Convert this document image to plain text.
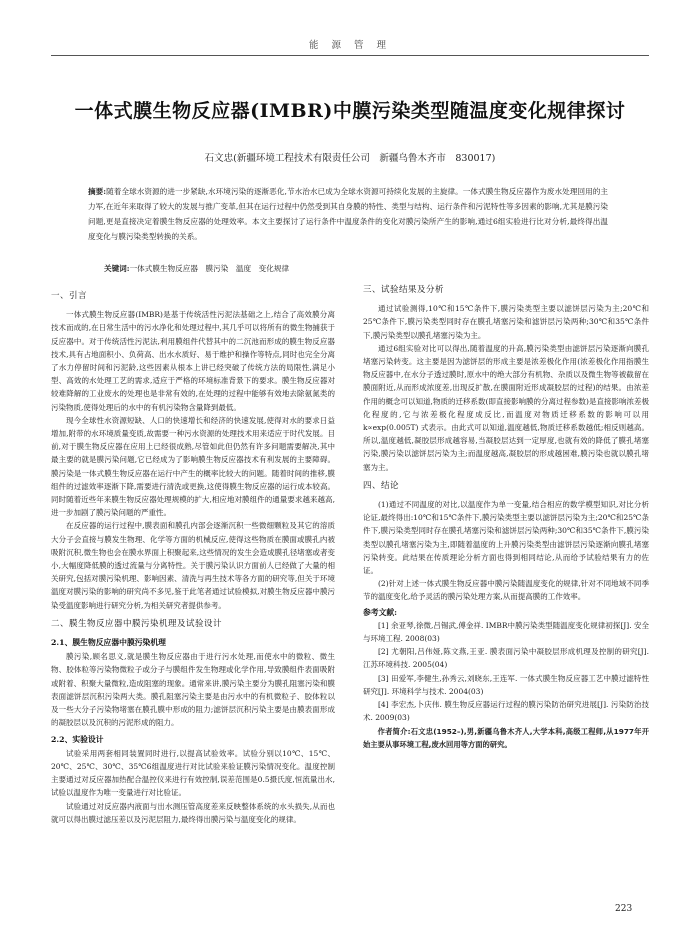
能 源 管 理
一体式膜生物反应器(IMBR)中膜污染类型随温度变化规律探讨
石文忠(新疆环境工程技术有限责任公司　新疆乌鲁木齐市　830017)
摘要:随着全球水资源的进一步紧缺,水环境污染的逐渐恶化,节水治水已成为全球水资源可持续化发展的主旋律。一体式膜生物反应器作为废水处理回用的主力军,在近年来取得了较大的发展与推广变革,但其在运行过程中仍然受到其自身膜的特性、类型与结构、运行条件和污泥特性等多因素的影响,尤其是膜污染问题,更是直接决定着膜生物反应器的处理效率。本文主要探讨了运行条件中温度条件的变化对膜污染所产生的影响,通过6组实验进行比对分析,最终得出温度变化与膜污染类型转换的关系。
关键词:一体式膜生物反应器　膜污染　温度　变化规律
一、引言

一体式膜生物反应器(IMBR)是基于传统活性污泥法基础之上,结合了高效膜分离技术而成的,在日常生活中的污水净化和处理过程中,其几乎可以将所有的微生物捕获于反应器中。对于传统活性污泥法,利用膜组件代替其中的二沉池而形成的膜生物反应器技术,具有占地面积小、负荷高、出水水质好、易于维护和操作等特点,同时也完全分离了水力停留时间和污泥龄,这些因素从根本上讲已经突破了传统方法的局限性,满足小型、高效的水处理工艺的需求,适应于严格的环境标准背景下的要求。膜生物反应器对较难降解的工业废水的处理也是非常有效的,在处理的过程中能够有效地去除氨氮类的污染物质,使得处理后的水中的有机污染物含量降到最低。

现今全球性水资源短缺、人口的快速增长和经济的快速发展,使得对水的要求日益增加,附带的水环境质量变质,故需要一种污水资源的处理技术用来适应于时代发展。目前,对于膜生物反应器在应用上已经很成熟,尽管如此但仍然有许多问题需要解决,其中最主要的就是膜污染问题,它已经成为了影响膜生物反应器技术有利发展的主要障碍。膜污染是一体式膜生物反应器在运行中产生的概率比较大的问题。随着时间的推移,膜组件的过滤效率逐渐下降,需要进行清洗或更换,这使得膜生物反应器的运行成本较高。同时随着近些年来膜生物反应器处理规模的扩大,相应地对膜组件的通量要求越来越高,进一步加剧了膜污染问题的严重性。

在反应器的运行过程中,膜表面和膜孔内部会逐渐沉积一些微细颗粒及其它的溶质大分子会直接与膜发生物理、化学等方面的机械反应,使得这些物质在膜面或膜孔内被吸附沉积,微生物也会在膜水界面上积聚起来,这些情况的发生会造成膜孔径堵塞或者变小,大幅度降低膜的透过流量与分离特性。关于膜污染认识方面前人已经做了大量的相关研究,包括对膜污染机理、影响因素、清洗与再生技术等各方面的研究等,但关于环境温度对膜污染的影响的研究尚不多见,鉴于此笔者通过试验模拟,对膜生物反应器中膜污染受温度影响进行研究分析,为相关研究者提供参考。

二、膜生物反应器中膜污染机理及试验设计
2.1、膜生物反应器中膜污染机理

膜污染,顾名思义,就是膜生物反应器由于进行污水处理,而使水中的微粒、微生物、胶体粒等污染物微粒子或分子与膜组件发生物理或化学作用,导致膜组件表面吸附或附着、积聚大量微粒,造成阻塞的现象。通常来讲,膜污染主要分为膜孔阻塞污染和膜表面滤饼层沉积污染两大类。膜孔阻塞污染主要是由污水中的有机微粒子、胶体粒以及一些大分子污染物堵塞在膜孔膜中形成的阻力;滤饼层沉积污染主要是由膜表面形成的凝胶层以及沉积的污泥形成的阻力。

2.2、实验设计

试验采用两套相同装置同时进行,以提高试验效率。试验分别以10℃、15℃、20℃、25℃、30℃、35℃6组温度进行对比试验来验证膜污染情况变化。温度控制主要通过对反应器加热配合温控仪来进行有效控制,误差范围是0.5摄氏度,恒流量出水,试验以温度作为唯一变量进行对比验证。

试验通过对反应器内液面与出水测压管高度差来反映整体系统的水头损失,从而也就可以得出膜过滤压差以及污泥层阻力,最终得出膜污染与温度变化的规律。

三、试验结果及分析

通过试验测得,10℃和15℃条件下,膜污染类型主要以滤饼层污染为主;20℃和25℃条件下,膜污染类型同时存在膜孔堵塞污染和滤饼层污染两种;30℃和35℃条件下,膜污染类型以膜孔堵塞污染为主。

通过6组实验对比可以得出,随着温度的升高,膜污染类型由滤饼层污染逐渐向膜孔堵塞污染转变。这主要是因为滤饼层的形成主要是浓差极化作用(浓差极化作用指膜生物反应器中,在水分子透过膜时,原水中的绝大部分有机物、杂质以及微生物等被截留在膜面附近,从而形成浓度差,出现反扩散,在膜面附近形成凝胶层的过程)的结果。由浓差作用的概念可以知道,物质的迁移系数(即直接影响膜的分离过程参数)是直接影响浓差极化程度的,它与浓差极化程度成反比,而温度对物质迁移系数的影响可以用 k∝exp(0.005T) 式表示。由此式可以知道,温度越低,物质迁移系数越低;相反则越高。所以,温度越低,凝胶层形成越容易,当凝胶层达到一定厚度,也就有效的降低了膜孔堵塞污染,膜污染以滤饼层污染为主;而温度越高,凝胶层的形成越困难,膜污染也就以膜孔堵塞为主。

四、结论

(1)通过不同温度的对比,以温度作为单一变量,结合相应的数学模型知识,对比分析论证,最终得出:10℃和15℃条件下,膜污染类型主要以滤饼层污染为主;20℃和25℃条件下,膜污染类型同时存在膜孔堵塞污染和滤饼层污染两种;30℃和35℃条件下,膜污染类型以膜孔堵塞污染为主,即随着温度的上升膜污染类型由滤饼层污染逐渐向膜孔堵塞污染转变。此结果在传质理论分析方面也得到相同结论,从而给予试验结果有力的佐证。

(2)针对上述一体式膜生物反应器中膜污染随温度变化的规律,针对不同地域不同季节的温度变化,给予灵活的膜污染处理方案,从而提高膜的工作效率。

参考文献:

[1] 余亚琴,徐微,吕锡武,傅金祥. IMBR中膜污染类型随温度变化规律初探[J]. 安全与环境工程. 2008(03)

[2] 尤朝阳,吕伟娅,陈文燕,王亚. 膜表面污染中凝胶层形成机理及控制的研究[J]. 江苏环境科技. 2005(04)

[3] 田爱军,李健生,孙秀云,刘晓东,王连军. 一体式膜生物反应器工艺中膜过滤特性研究[J]. 环境科学与技术. 2004(03)

[4] 李宏杰,卜庆伟. 膜生物反应器运行过程的膜污染防治研究进展[J]. 污染防治技术. 2009(03)

作者简介:石文忠(1952–),男,新疆乌鲁木齐人,大学本科,高级工程师,从1977年开始主要从事环境工程,废水回用等方面的研究。

223
